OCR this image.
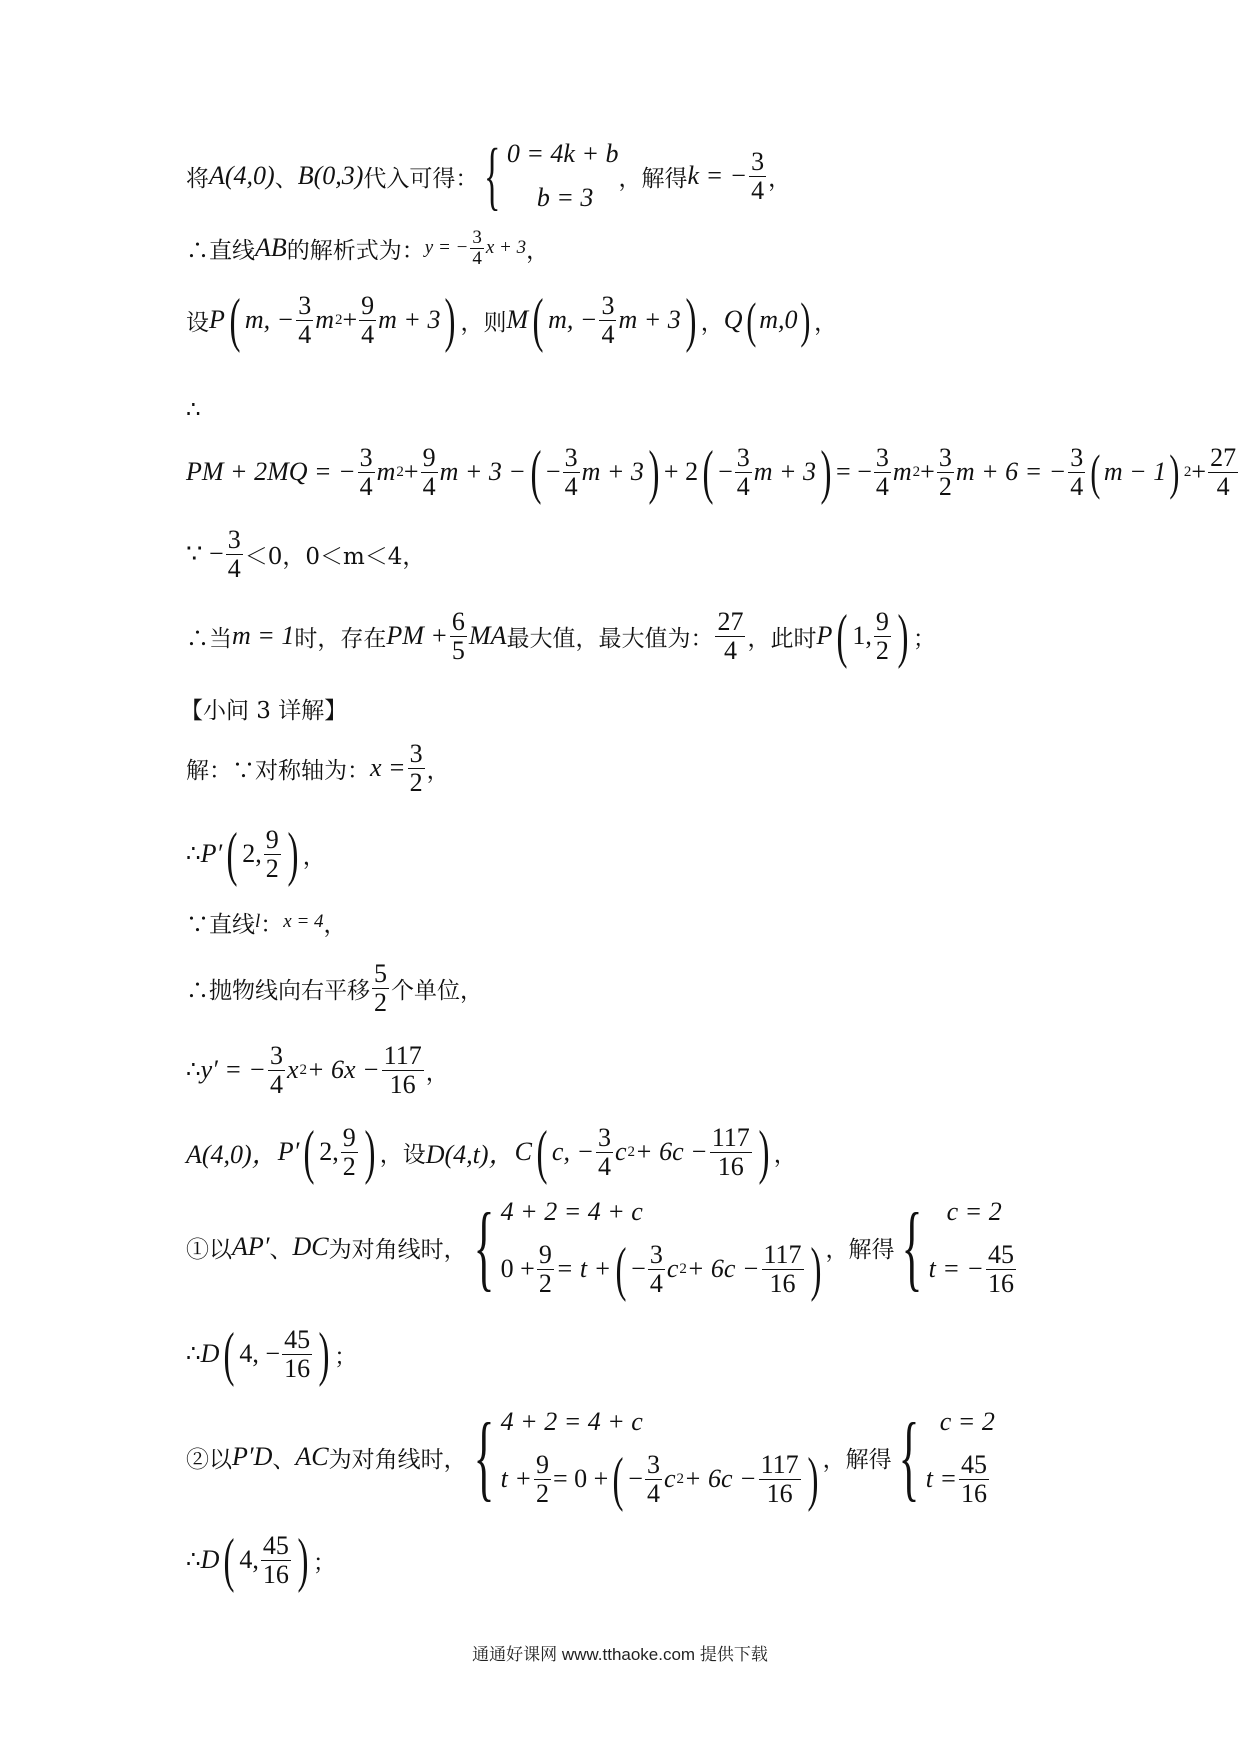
将 A(4,0) 、 B(0,3) 代入可得： { 0 = 4k + b
b = 3
，解得 k = − $\frac{3}{4}$ ，
∴直线 AB 的解析式为： y = − $\frac{3}{4}$ x + 3 ，
设 P ( m, − $\frac{3}{4}$ m $2 + \frac{9}{4}$ m + 3 ) ，则 M ( m, − $\frac{3}{4}$ m + 3 ) ， Q ( m,0 ) ，
∴
PM + 2MQ = − $\frac{3}{4}$ m $2 + \frac{9}{4}$ m + 3 − ( − $\frac{3}{4}$ m + 3 ) + 2 ( − $\frac{3}{4}$ m + 3 ) = − $\frac{3}{4}$ m $2 + \frac{3}{2}$ m + 6 = − $\frac{3}{4}$ ( m − 1 ) $2 + \frac{27}{4}$
∵ − $\frac{3}{4} <0$，0＜m＜4，
∴当 m = 1 时，存在 PM + $\frac{6}{5}$ MA 最大值，最大值为： $\frac{27}{4}$ ，此时 P ( 1, $\frac{9}{2}$ ) ；
【小问 3 详解】
解：∵对称轴为： $x = \frac{3}{2}$ ，
∴ P′ ( 2, $\frac{9}{2}$ ) ，
∵直线 l ： x = 4 ，
∴抛物线向右平移 $\frac{5}{2}$ 个单位，
∴ y′ = − $\frac{3}{4}$ x $2 + 6x - \frac{117}{16}$ ，
A(4,0)， P′ ( 2, $\frac{9}{2}$ ) ，设 D(4,t)， C ( c, − $\frac{3}{4}$ c $2 + 6c - \frac{117}{16}$ ) ，
①以 AP′ 、 DC 为对角线时， { 4 + 2 = 4 + c
$0 + \frac{9}{2} = t$ + ( − $\frac{3}{4}$ c $2 + 6c - \frac{117}{16}$ ) ，解得 { c = 2
t = − $\frac{45}{16}$
∴ D ( 4, − $\frac{45}{16}$ ) ；
②以 P′D 、 AC 为对角线时， { 4 + 2 = 4 + c
$t + \frac{9}{2} = 0$ + ( − $\frac{3}{4}$ c $2 + 6c - \frac{117}{16}$ ) ，解得 { c = 2
$t = \frac{45}{16}$
∴ D ( 4, $\frac{45}{16}$ ) ；
通通好课网 www.tthaoke.com 提供下载
